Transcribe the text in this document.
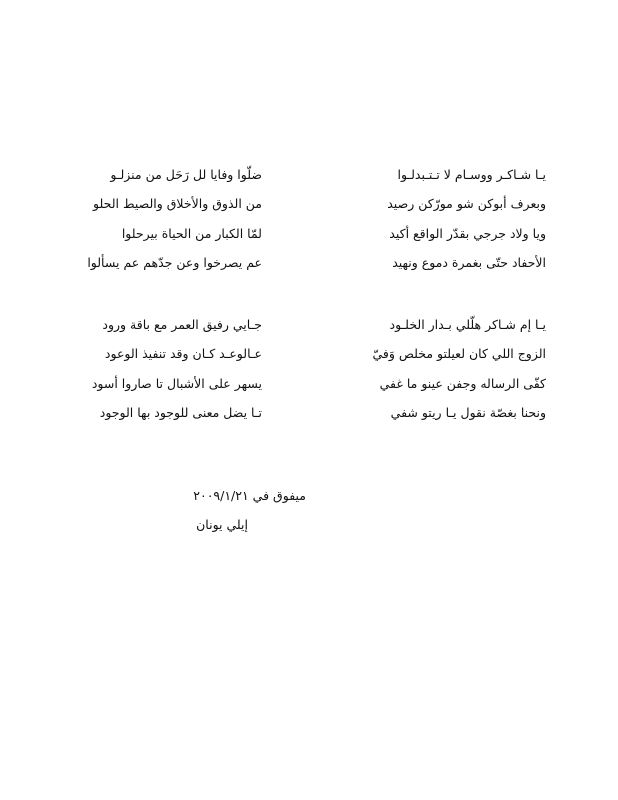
يـا شـاكـر ووسـام لا تـتـبدلـوا
وبعرف أبوكن شو مورّكن رصيد
ويا ولاد جرجي بقدّر الواقع أكيد
الأحفاد حتّى بغمرة دموع ونهيد
ضلّوا وفايا لل رَحَل من منزلـو
من الذوق والأخلاق والصيط الحلو
لمّا الكبار من الحياة بيرحلوا
عم يصرخوا وعن جدّهم عم يسألوا
يـا إم شـاكر هلّلي بـدار الخلـود
الزوج اللي كان لعيلتو مخلص وَفيّ
كفّى الرساله وجفن عينو ما غفي
ونحنا بغصّة نقول يـا ريتو شفي
جـايي رفيق العمر مع باقة ورود
عـالوعـد كـان وقد تنفيذ الوعود
يسهر على الأشبال تا صاروا أسود
تـا يضل معنى للوجود بها الوجود
ميفوق في ٢٠٠٩/١/٢١
إيلي يونان
